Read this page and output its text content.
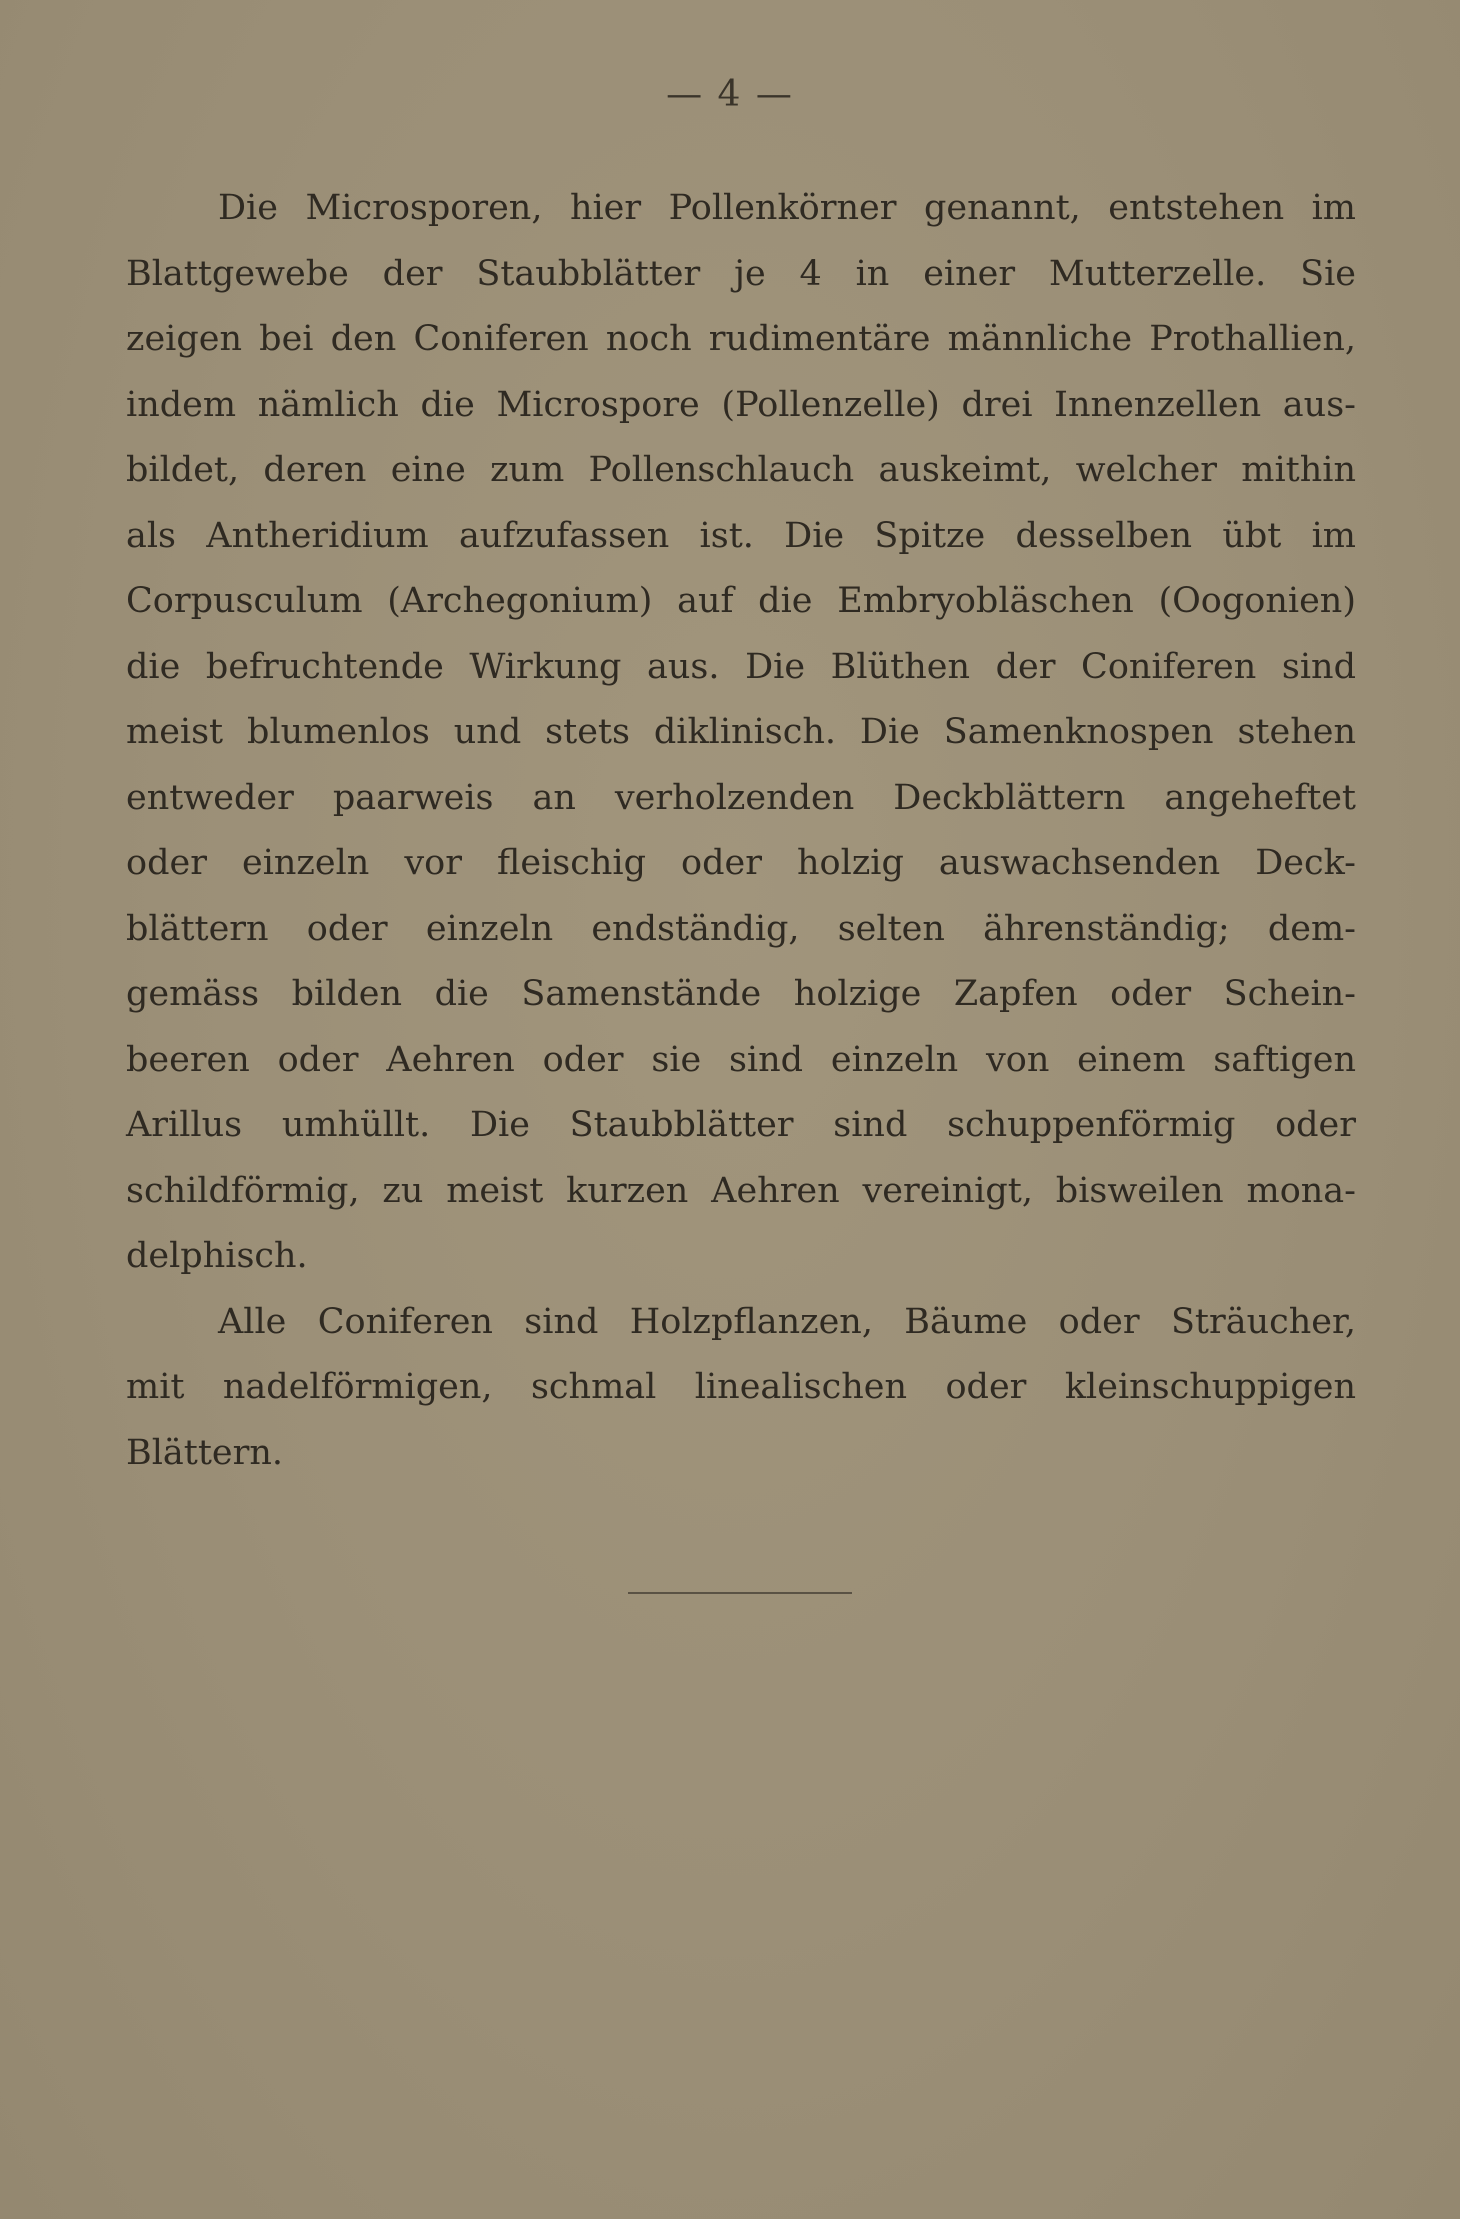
— 4 —
Die Microsporen, hier Pollenkörner genannt, entstehen im
Blattgewebe der Staubblätter je 4 in einer Mutterzelle. Sie
zeigen bei den Coniferen noch rudimentäre männliche Prothallien,
indem nämlich die Microspore (Pollenzelle) drei Innenzellen aus-
bildet, deren eine zum Pollenschlauch auskeimt, welcher mithin
als Antheridium aufzufassen ist. Die Spitze desselben übt im
Corpusculum (Archegonium) auf die Embryobläschen (Oogonien)
die befruchtende Wirkung aus. Die Blüthen der Coniferen sind
meist blumenlos und stets diklinisch. Die Samenknospen stehen
entweder paarweis an verholzenden Deckblättern angeheftet
oder einzeln vor fleischig oder holzig auswachsenden Deck-
blättern oder einzeln endständig, selten ährenständig; dem-
gemäss bilden die Samenstände holzige Zapfen oder Schein-
beeren oder Aehren oder sie sind einzeln von einem saftigen
Arillus umhüllt. Die Staubblätter sind schuppenförmig oder
schildförmig, zu meist kurzen Aehren vereinigt, bisweilen mona-
delphisch.
Alle Coniferen sind Holzpflanzen, Bäume oder Sträucher,
mit nadelförmigen, schmal linealischen oder kleinschuppigen
Blättern.
